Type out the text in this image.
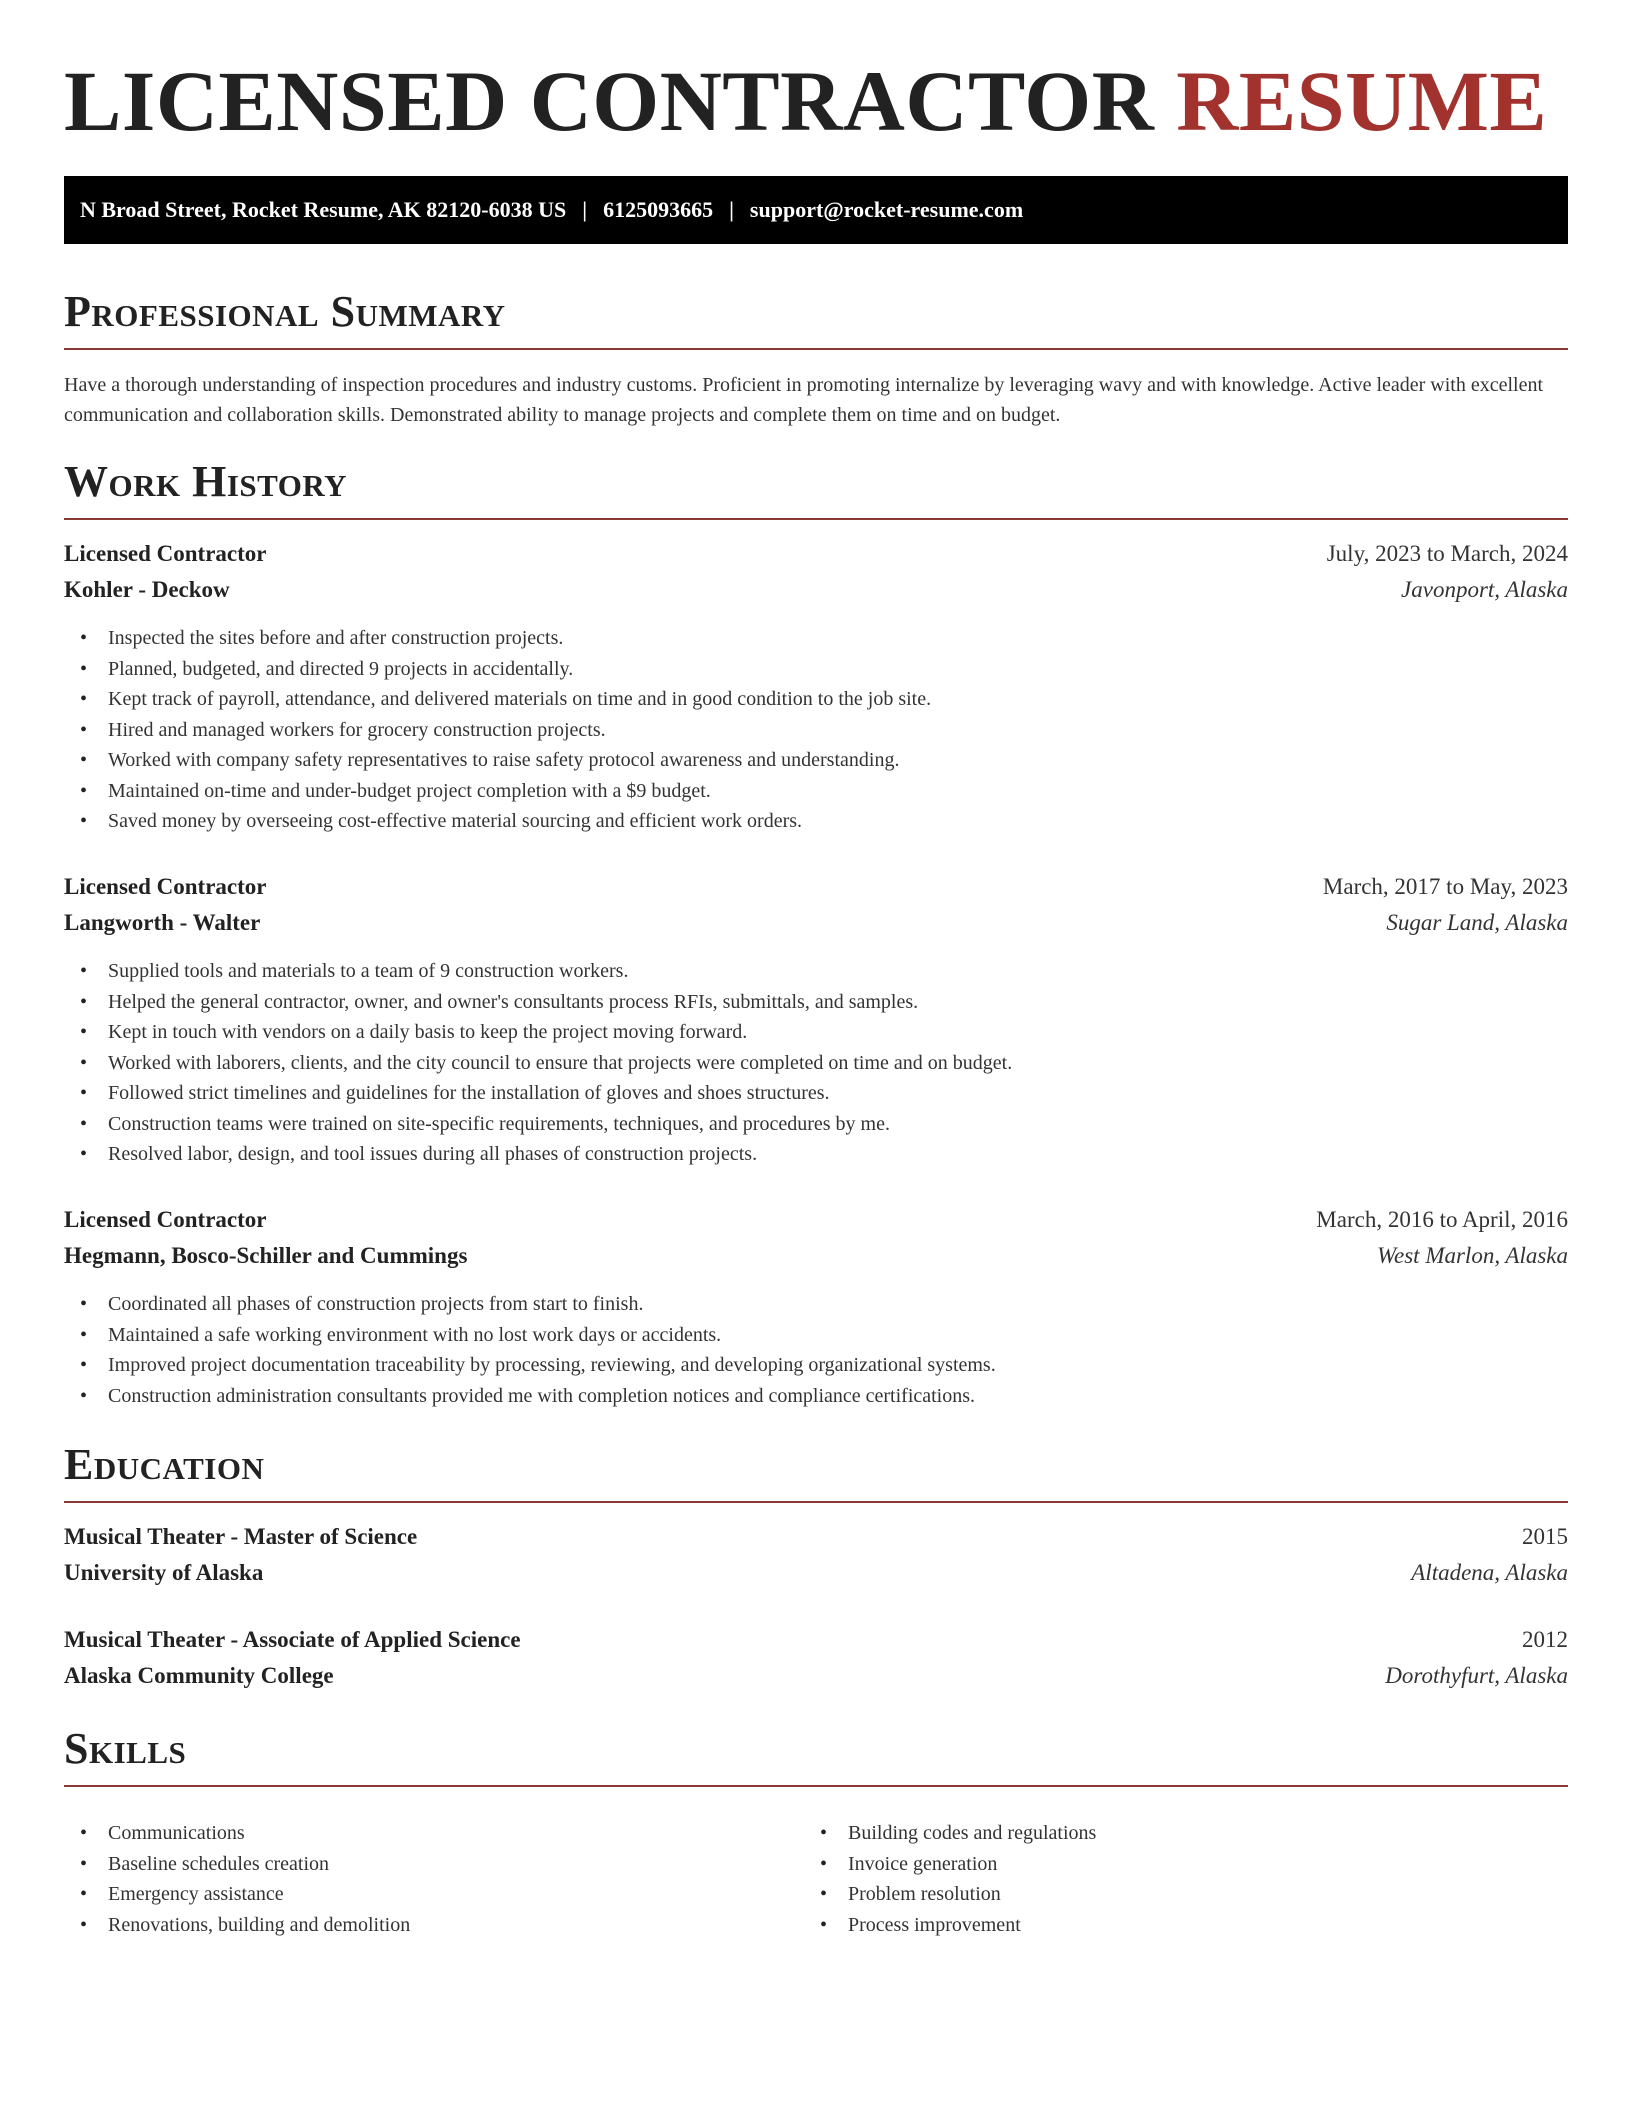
LICENSED CONTRACTOR RESUME
N Broad Street, Rocket Resume, AK 82120-6038 US | 6125093665 | support@rocket-resume.com
Professional Summary

Have a thorough understanding of inspection procedures and industry customs. Proficient in promoting internalize by leveraging wavy and with knowledge. Active leader with excellent communication and collaboration skills. Demonstrated ability to manage projects and complete them on time and on budget.

Work History
Licensed Contractor	July, 2023 to March, 2024
Kohler - Deckow	Javonport, Alaska
• Inspected the sites before and after construction projects.
• Planned, budgeted, and directed 9 projects in accidentally.
• Kept track of payroll, attendance, and delivered materials on time and in good condition to the job site.
• Hired and managed workers for grocery construction projects.
• Worked with company safety representatives to raise safety protocol awareness and understanding.
• Maintained on-time and under-budget project completion with a $9 budget.
• Saved money by overseeing cost-effective material sourcing and efficient work orders.
Licensed Contractor	March, 2017 to May, 2023
Langworth - Walter	Sugar Land, Alaska
• Supplied tools and materials to a team of 9 construction workers.
• Helped the general contractor, owner, and owner's consultants process RFIs, submittals, and samples.
• Kept in touch with vendors on a daily basis to keep the project moving forward.
• Worked with laborers, clients, and the city council to ensure that projects were completed on time and on budget.
• Followed strict timelines and guidelines for the installation of gloves and shoes structures.
• Construction teams were trained on site-specific requirements, techniques, and procedures by me.
• Resolved labor, design, and tool issues during all phases of construction projects.
Licensed Contractor	March, 2016 to April, 2016
Hegmann, Bosco-Schiller and Cummings	West Marlon, Alaska
• Coordinated all phases of construction projects from start to finish.
• Maintained a safe working environment with no lost work days or accidents.
• Improved project documentation traceability by processing, reviewing, and developing organizational systems.
• Construction administration consultants provided me with completion notices and compliance certifications.
Education
Musical Theater - Master of Science	2015
University of Alaska	Altadena, Alaska
Musical Theater - Associate of Applied Science	2012
Alaska Community College	Dorothyfurt, Alaska
Skills
• Communications
• Baseline schedules creation
• Emergency assistance
• Renovations, building and demolition
• Building codes and regulations
• Invoice generation
• Problem resolution
• Process improvement
